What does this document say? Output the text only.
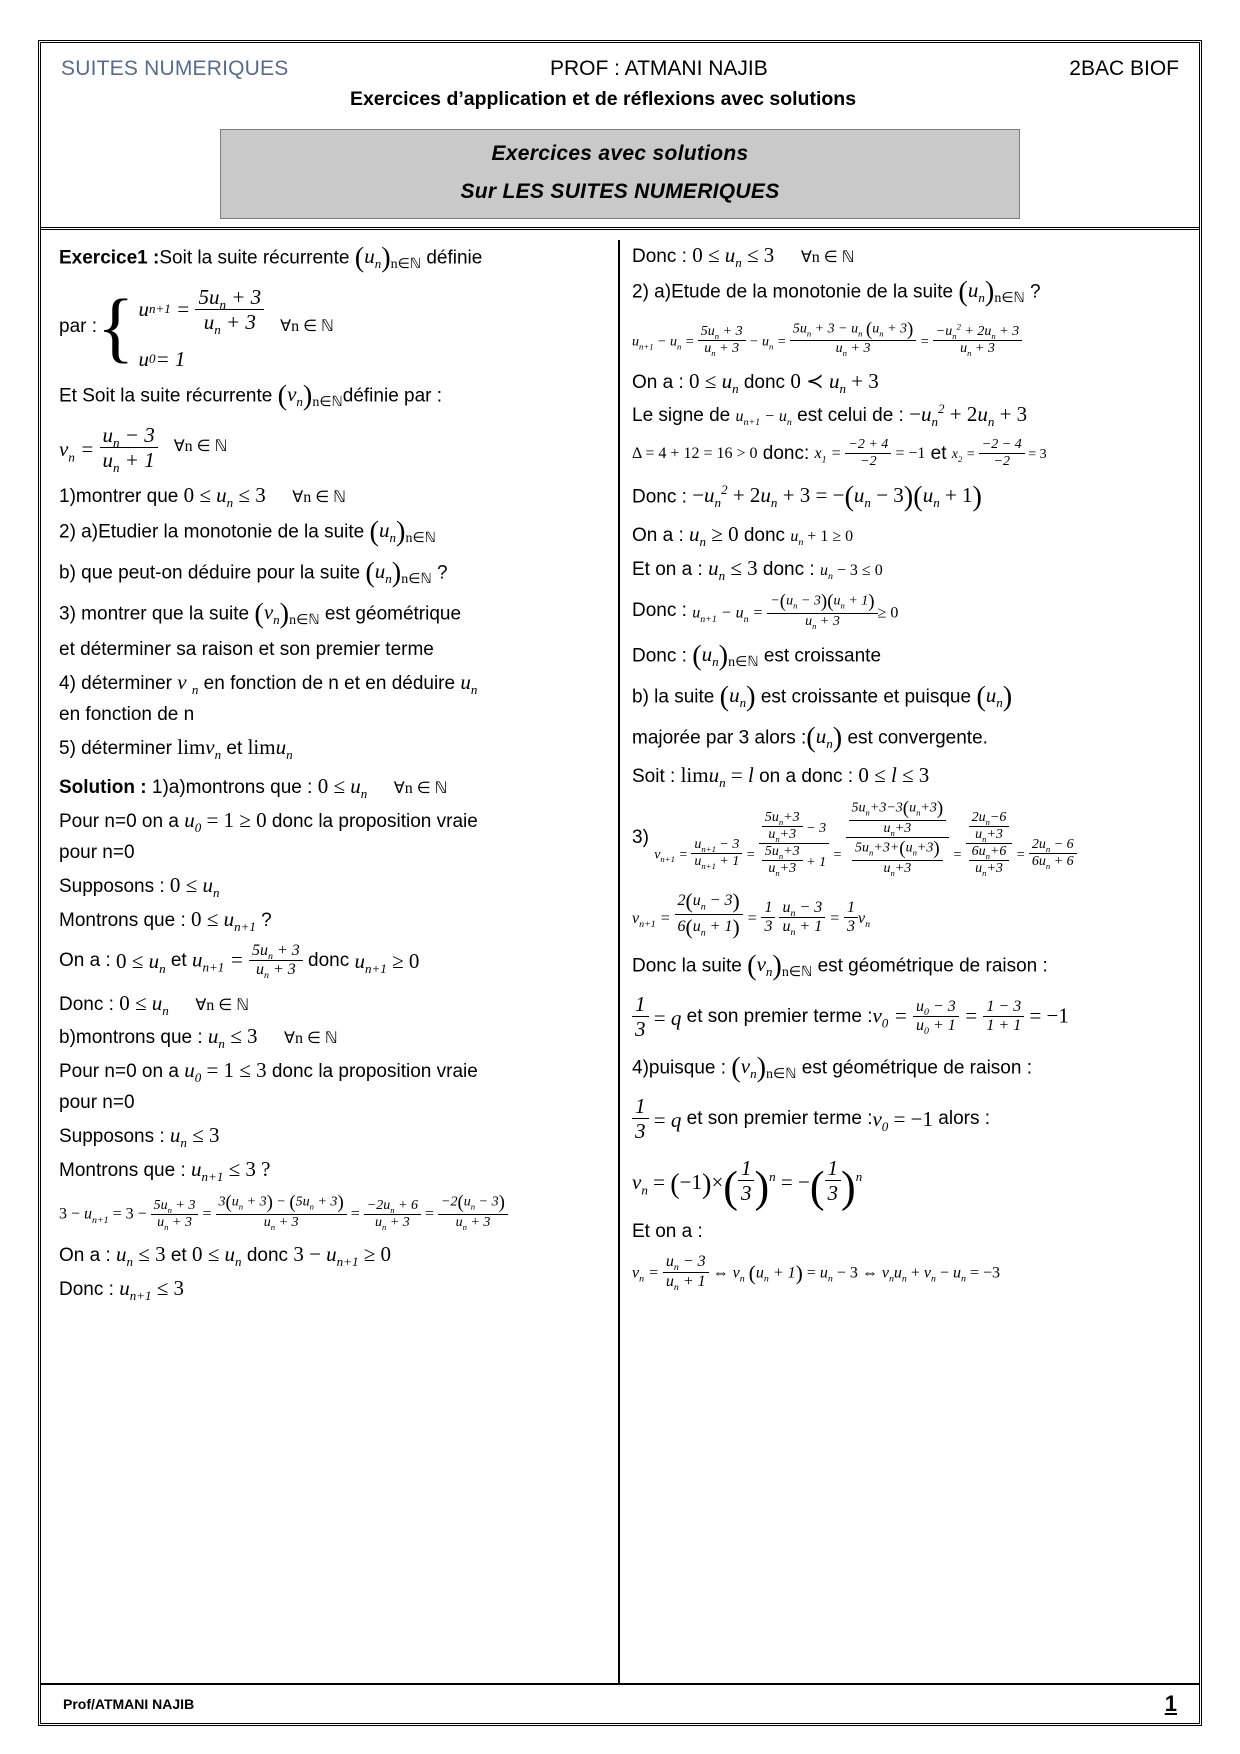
SUITES NUMERIQUES	PROF : ATMANI NAJIB	2BAC BIOF
Exercices d’application et de réflexions avec solutions
Exercices avec solutions
Sur LES SUITES NUMERIQUES
Exercice1 :Soit la suite récurrente $(u_n)_{n\in ℕ}$ définie
par : { u $n+1 = \frac{5u_n + 3}{u_n + 3}$
u 0 = 1
∀n ∈ ℕ
Et Soit la suite récurrente $(v_n)_{n\in ℕ}définie$ par :
$v_n = \frac{u_n - 3}{u_n + 1}$ ∀n ∈ ℕ
1)montrer que $0 \le u_n \le 3$ ∀n ∈ ℕ
2) a)Etudier la monotonie de la suite $(u_n)_{n\in ℕ}$
b) que peut-on déduire pour la suite $(u_n)_{n\in ℕ}$ ?
3) montrer que la suite $(v_n)_{n\in ℕ}$ est géométrique
et déterminer sa raison et son premier terme
4) déterminer v $_n$ en fonction de n et en déduire $u_n$
en fonction de n
5) déterminer limv$_n$ et limu$_n$
Solution : 1)a)montrons que : $0 \le u_n$ ∀n ∈ ℕ
Pour n=0 on a $u_0 = 1 \ge 0$ donc la proposition vraie
pour n=0
Supposons : $0 \le u_n$
Montrons que : $0 \le u_{n+1}$ ?
On a :
$0 \le u_n$
et
$u_{n+1} = \frac{5u_n + 3}{u_n + 3}$
donc
$u_{n+1} \ge 0$
Donc : $0 \le u_n$ ∀n ∈ ℕ
b)montrons que : $u_n \le 3$ ∀n ∈ ℕ
Pour n=0 on a $u_0 = 1 \le 3$ donc la proposition vraie
pour n=0
Supposons : $u_n \le 3$
Montrons que : $u_{n+1} \le 3$ ?
$3 - u_{n+1} = 3 - \frac{5u_n + 3}{u_n + 3} = \frac{3(u_n + 3) - (5u_n + 3)}{u_n + 3} = \frac{-2u_n + 6}{u_n + 3} = \frac{-2(u_n - 3)}{u_n + 3}$
On a : $u_n \le 3$ et $0 \le u_n$ donc $3 - u_{n+1} \ge 0$
Donc : $u_{n+1} \le 3$
Donc : $0 \le u_n \le 3$ ∀n ∈ ℕ
2) a)Etude de la monotonie de la suite $(u_n)_{n\in ℕ}$ ?
$u_{n+1} - u_n = \frac{5u_n + 3}{u_n + 3} - u_n = \frac{5u_n + 3 - u_n (u_n + 3)}{u_n + 3} = \frac{-u_n^2 + 2u_n + 3}{u_n + 3}$
On a : $0 \le u_n$ donc 0 ≺ $u_n + 3$
Le signe de $u_{n+1} - u_n$ est celui de : $-u_n^2 + 2u_n + 3$
Δ = 4 + 12 = 16 > 0
donc:
$x_1 = \frac{-2 + 4}{-2} = -1$
et
$x_2 = \frac{-2 - 4}{-2} = 3$
Donc : $-u_n^2 + 2u_n + 3 = -(u_n - 3)(u_n + 1)$
On a : $u_n \ge 0$ donc $u_n + 1 \ge 0$
Et on a : $u_n \le 3$ donc : $u_n - 3 \le 0$
Donc :
$u_{n+1} - u_n = \frac{-(u_n - 3)(u_n + 1)}{u_n + 3} \ge 0$
Donc : $(u_n)_{n\in ℕ}$ est croissante
b) la suite $(u_n)$ est croissante et puisque $(u_n)$
majorée par 3 alors $:(u_n)$ est convergente.
Soit : limu$_n$ = l on a donc : 0 ≤ l ≤ 3
3)

$v_{n+1} = \frac{u_{n+1} - 3}{u_{n+1} + 1} = \frac{\frac{5u_n+3}{u_n+3} - 3}{\frac{5u_n+3}{u_n+3} + 1} = \frac{\frac{5u_n+3-3(u_n+3)}{u_n+3}}{\frac{5u_n+3+(u_n+3)}{u_n+3}} = \frac{\frac{2u_n-6}{u_n+3}}{\frac{6u_n+6}{u_n+3}} = \frac{2u_n - 6}{6u_n + 6}$
$v_{n+1} = \frac{2(u_n - 3)}{6(u_n + 1)} = \frac{1}{3}$
$\frac{u_n - 3}{u_n + 1} = \frac{1}{3} v_n$
Donc la suite $(v_n)_{n\in ℕ}$ est géométrique de raison :
$\frac{1}{3} = q$
et son premier terme : $v_0 = \frac{u_0 - 3}{u_0 + 1} = \frac{1 - 3}{1 + 1} = -1$
4)puisque : $(v_n)_{n\in ℕ}$ est géométrique de raison :
$\frac{1}{3} = q$
et son premier terme : $v_0 = -1$
alors :
$v_n = (-1)\times( \frac{1}{3} )^n$ = −( $\frac{1}{3} )^n$
Et on a :
$v_n = \frac{u_n - 3}{u_n + 1}$ ⇔ $v_n$ $(u_n + 1) = u_n - 3$ ⇔ $v_nu_n + v_n - u_n = -3$
Prof/ATMANI NAJIB	1
